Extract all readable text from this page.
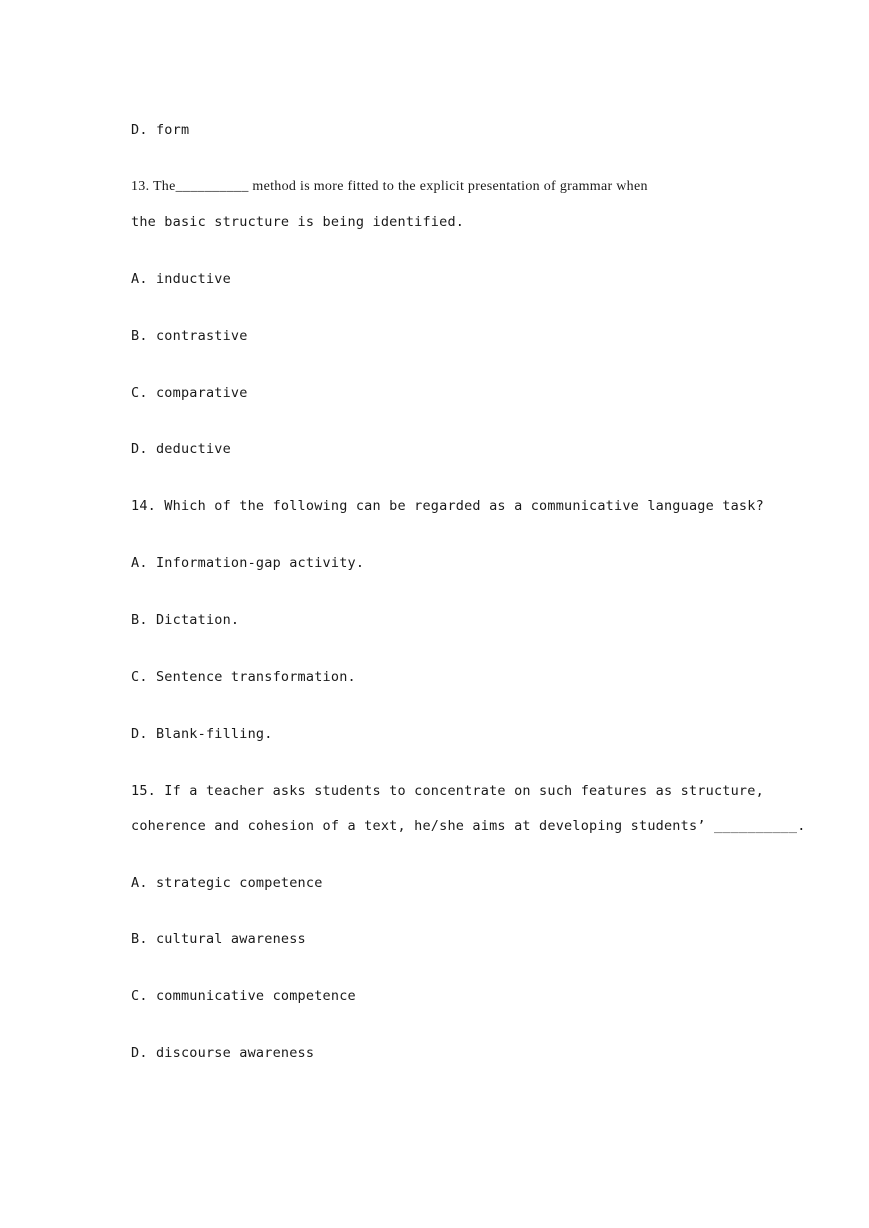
D. form
13. The__________ method is more fitted to the explicit presentation of grammar when
the basic structure is being identified.
A. inductive
B. contrastive
C. comparative
D. deductive
14. Which of the following can be regarded as a communicative language task?
A. Information-gap activity.
B. Dictation.
C. Sentence transformation.
D. Blank-filling.
15. If a teacher asks students to concentrate on such features as structure,
coherence and cohesion of a text, he/she aims at developing students’ __________.
A. strategic competence
B. cultural awareness
C. communicative competence
D. discourse awareness
